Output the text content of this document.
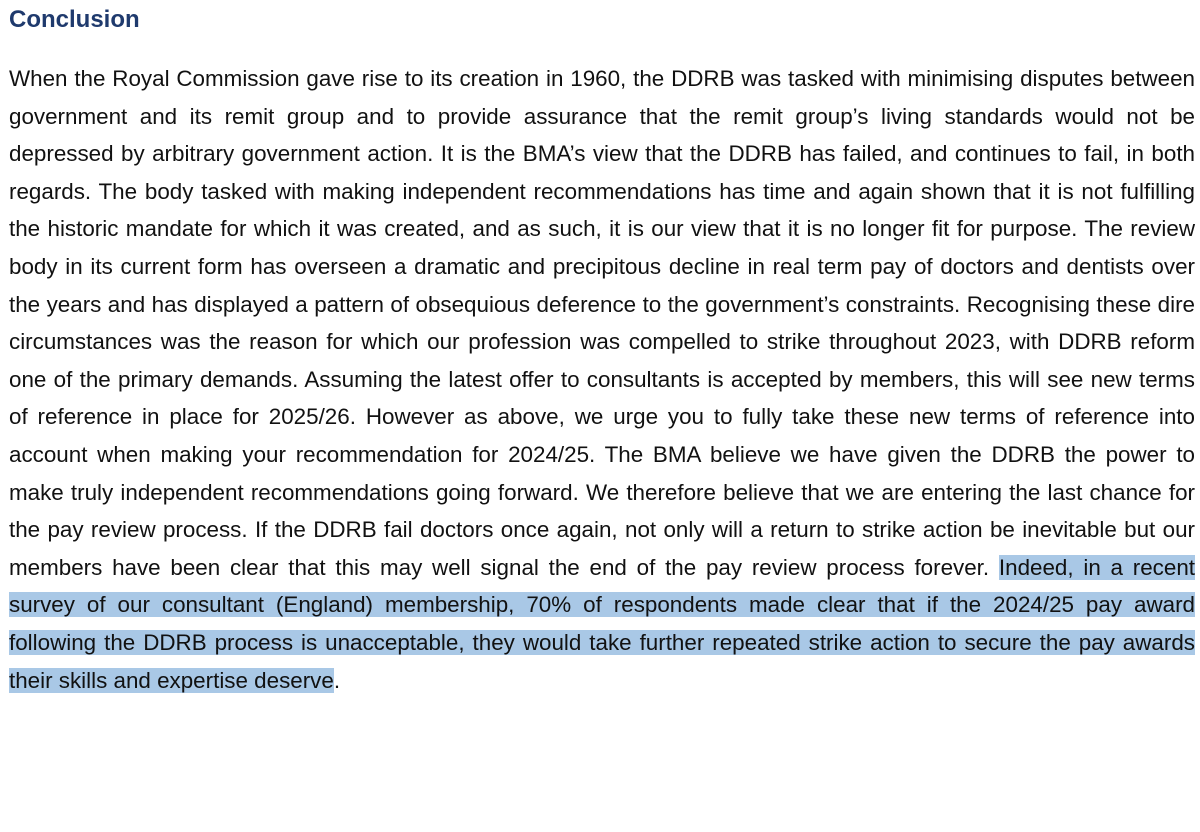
Conclusion

When the Royal Commission gave rise to its creation in 1960, the DDRB was tasked with minimising disputes between government and its remit group and to provide assurance that the remit group’s living standards would not be depressed by arbitrary government action. It is the BMA’s view that the DDRB has failed, and continues to fail, in both regards. The body tasked with making independent recommendations has time and again shown that it is not fulfilling the historic mandate for which it was created, and as such, it is our view that it is no longer fit for purpose. The review body in its current form has overseen a dramatic and precipitous decline in real term pay of doctors and dentists over the years and has displayed a pattern of obsequious deference to the government’s constraints. Recognising these dire circumstances was the reason for which our profession was compelled to strike throughout 2023, with DDRB reform one of the primary demands. Assuming the latest offer to consultants is accepted by members, this will see new terms of reference in place for 2025/26. However as above, we urge you to fully take these new terms of reference into account when making your recommendation for 2024/25. The BMA believe we have given the DDRB the power to make truly independent recommendations going forward. We therefore believe that we are entering the last chance for the pay review process. If the DDRB fail doctors once again, not only will a return to strike action be inevitable but our members have been clear that this may well signal the end of the pay review process forever. Indeed, in a recent survey of our consultant (England) membership, 70% of respondents made clear that if the 2024/25 pay award following the DDRB process is unacceptable, they would take further repeated strike action to secure the pay awards their skills and expertise deserve.
